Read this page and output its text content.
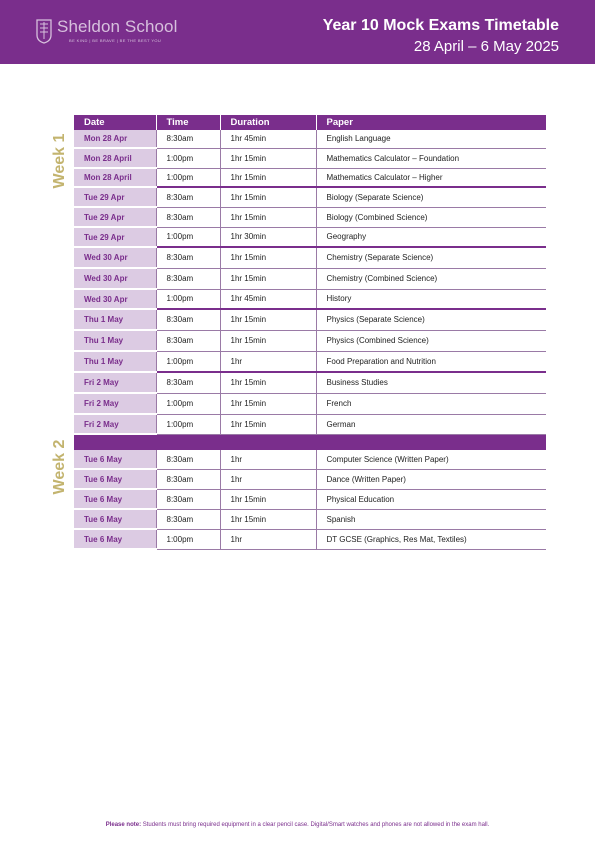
Sheldon School
BE KIND | BE BRAVE | BE THE BEST YOU
Year 10 Mock Exams Timetable
28 April – 6 May 2025
Week 1
Week 2
Date	Time	Duration	Paper
Mon 28 Apr	8:30am	1hr 45min	English Language
Mon 28 April	1:00pm	1hr 15min	Mathematics Calculator – Foundation
Mon 28 April	1:00pm	1hr 15min	Mathematics Calculator – Higher
Tue 29 Apr	8:30am	1hr 15min	Biology (Separate Science)
Tue 29 Apr	8:30am	1hr 15min	Biology (Combined Science)
Tue 29 Apr	1:00pm	1hr 30min	Geography
Wed 30 Apr	8:30am	1hr 15min	Chemistry (Separate Science)
Wed 30 Apr	8:30am	1hr 15min	Chemistry (Combined Science)
Wed 30 Apr	1:00pm	1hr 45min	History
Thu 1 May	8:30am	1hr 15min	Physics (Separate Science)
Thu 1 May	8:30am	1hr 15min	Physics (Combined Science)
Thu 1 May	1:00pm	1hr	Food Preparation and Nutrition
Fri 2 May	8:30am	1hr 15min	Business Studies
Fri 2 May	1:00pm	1hr 15min	French
Fri 2 May	1:00pm	1hr 15min	German

Tue 6 May	8:30am	1hr	Computer Science (Written Paper)
Tue 6 May	8:30am	1hr	Dance (Written Paper)
Tue 6 May	8:30am	1hr 15min	Physical Education
Tue 6 May	8:30am	1hr 15min	Spanish
Tue 6 May	1:00pm	1hr	DT GCSE (Graphics, Res Mat, Textiles)
Please note: Students must bring required equipment in a clear pencil case. Digital/Smart watches and phones are not allowed in the exam hall.
